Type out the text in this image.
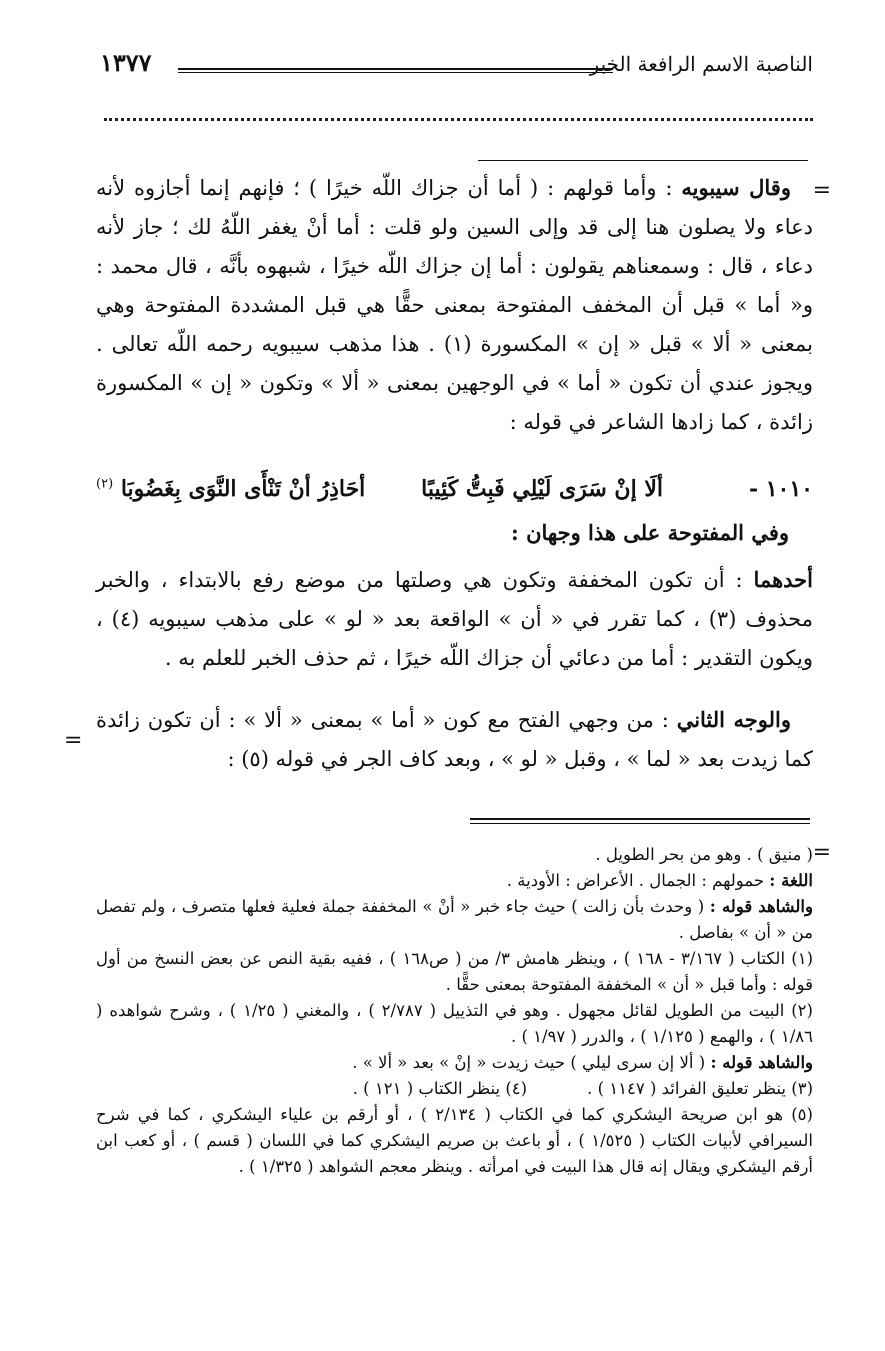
الناصبة الاسم الرافعة الخبر
١٣٧٧
=
وقال سيبويه : وأما قولهم : ( أما أن جزاك اللّه خيرًا ) ؛ فإنهم إنما أجازوه لأنه دعاء ولا يصلون هنا إلى قد وإلى السين ولو قلت : أما أنْ يغفر اللّهُ لك ؛ جاز لأنه دعاء ، قال : وسمعناهم يقولون : أما إن جزاك اللّه خيرًا ، شبهوه بأنَّه ، قال محمد : و« أما » قبل أن المخفف المفتوحة بمعنى حقًّا هي قبل المشددة المفتوحة وهي بمعنى « ألا » قبل « إن » المكسورة (١) . هذا مذهب سيبويه رحمه اللّه تعالى . ويجوز عندي أن تكون « أما » في الوجهين بمعنى « ألا » وتكون « إن » المكسورة زائدة ، كما زادها الشاعر في قوله :
١٠١٠ -
ألَا إنْ سَرَى لَيْلِي فَبِتُّ كَئِيبًا
أحَاذِرُ أنْ تَنْأَى النَّوَى بِغَضُوبَا $^{(٢)}$
وفي المفتوحة على هذا وجهان :
أحدهما : أن تكون المخففة وتكون هي وصلتها من موضع رفع بالابتداء ، والخبر محذوف (٣) ، كما تقرر في « أن » الواقعة بعد « لو » على مذهب سيبويه (٤) ، ويكون التقدير : أما من دعائي أن جزاك اللّه خيرًا ، ثم حذف الخبر للعلم به .
والوجه الثاني : من وجهي الفتح مع كون « أما » بمعنى « ألا » : أن تكون زائدة كما زيدت بعد « لما » ، وقبل « لو » ، وبعد كاف الجر في قوله (٥) :
=
=

( منيق ) . وهو من بحر الطويل .

اللغة : حمولهم : الجمال . الأعراض : الأودية .

والشاهد قوله : ( وحدث بأن زالت ) حيث جاء خبر « أنْ » المخففة جملة فعلية فعلها متصرف ، ولم تفصل من « أن » بفاصل .

(١) الكتاب ( ٣/١٦٧ - ١٦٨ ) ، وينظر هامش ٣/ من ( ص١٦٨ ) ، ففيه بقية النص عن بعض النسخ من أول قوله : وأما قبل « أن » المخففة المفتوحة بمعنى حقًّا .

(٢) البيت من الطويل لقائل مجهول . وهو في التذييل ( ٢/٧٨٧ ) ، والمغني ( ١/٢٥ ) ، وشرح شواهده ( ١/٨٦ ) ، والهمع ( ١/١٢٥ ) ، والدرر ( ١/٩٧ ) .

والشاهد قوله : ( ألا إن سرى ليلي ) حيث زيدت « إنْ » بعد « ألا » .

(٣) ينظر تعليق الفرائد ( ١١٤٧ ) .
(٤) ينظر الكتاب ( ١٢١ ) .

(٥) هو ابن صريحة اليشكري كما في الكتاب ( ٢/١٣٤ ) ، أو أرقم بن علياء اليشكري ، كما في شرح السيرافي لأبيات الكتاب ( ١/٥٢٥ ) ، أو باعث بن صريم اليشكري كما في اللسان ( قسم ) ، أو كعب ابن أرقم اليشكري ويقال إنه قال هذا البيت في امرأته . وينظر معجم الشواهد ( ١/٣٢٥ ) .
